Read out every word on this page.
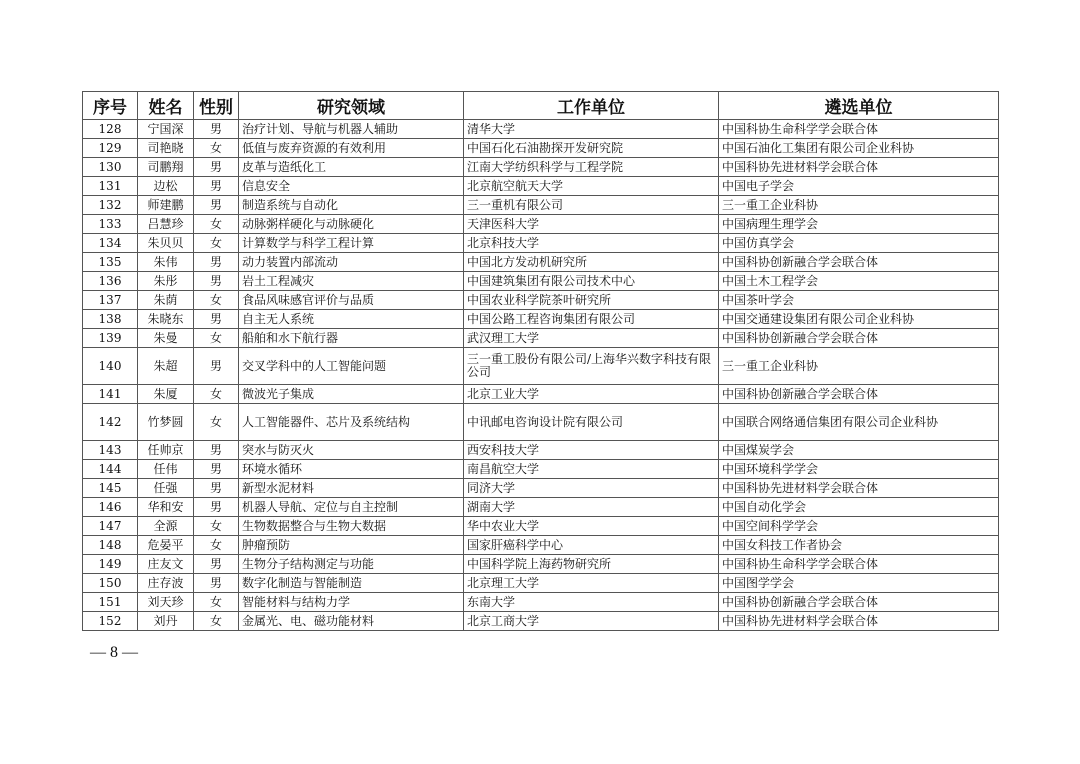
序号	姓名	性别	研究领域	工作单位	遴选单位
128	宁国深	男	治疗计划、导航与机器人辅助	清华大学	中国科协生命科学学会联合体
129	司艳晓	女	低值与废弃资源的有效利用	中国石化石油勘探开发研究院	中国石油化工集团有限公司企业科协
130	司鹏翔	男	皮革与造纸化工	江南大学纺织科学与工程学院	中国科协先进材料学会联合体
131	边松	男	信息安全	北京航空航天大学	中国电子学会
132	师建鹏	男	制造系统与自动化	三一重机有限公司	三一重工企业科协
133	吕慧珍	女	动脉粥样硬化与动脉硬化	天津医科大学	中国病理生理学会
134	朱贝贝	女	计算数学与科学工程计算	北京科技大学	中国仿真学会
135	朱伟	男	动力装置内部流动	中国北方发动机研究所	中国科协创新融合学会联合体
136	朱彤	男	岩土工程减灾	中国建筑集团有限公司技术中心	中国土木工程学会
137	朱荫	女	食品风味感官评价与品质	中国农业科学院茶叶研究所	中国茶叶学会
138	朱晓东	男	自主无人系统	中国公路工程咨询集团有限公司	中国交通建设集团有限公司企业科协
139	朱曼	女	船舶和水下航行器	武汉理工大学	中国科协创新融合学会联合体
140	朱超	男	交叉学科中的人工智能问题	三一重工股份有限公司/上海华兴数字科技有限公司	三一重工企业科协
141	朱厦	女	微波光子集成	北京工业大学	中国科协创新融合学会联合体
142	竹梦圆	女	人工智能器件、芯片及系统结构	中讯邮电咨询设计院有限公司	中国联合网络通信集团有限公司企业科协
143	任帅京	男	突水与防灭火	西安科技大学	中国煤炭学会
144	任伟	男	环境水循环	南昌航空大学	中国环境科学学会
145	任强	男	新型水泥材料	同济大学	中国科协先进材料学会联合体
146	华和安	男	机器人导航、定位与自主控制	湖南大学	中国自动化学会
147	全源	女	生物数据整合与生物大数据	华中农业大学	中国空间科学学会
148	危晏平	女	肿瘤预防	国家肝癌科学中心	中国女科技工作者协会
149	庄友文	男	生物分子结构测定与功能	中国科学院上海药物研究所	中国科协生命科学学会联合体
150	庄存波	男	数字化制造与智能制造	北京理工大学	中国图学学会
151	刘天珍	女	智能材料与结构力学	东南大学	中国科协创新融合学会联合体
152	刘丹	女	金属光、电、磁功能材料	北京工商大学	中国科协先进材料学会联合体
— 8 —
